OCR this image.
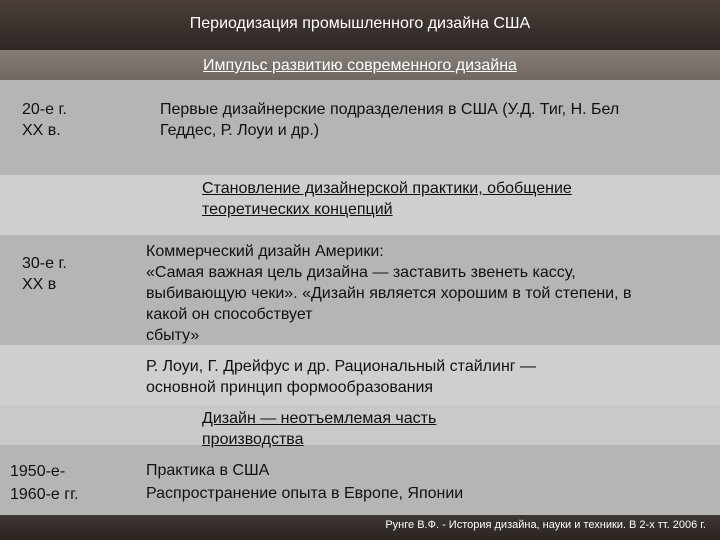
Периодизация промышленного дизайна США
Импульс развитию современного дизайна
20-е г.
XX в.
Первые дизайнерские подразделения в США (У.Д. Тиг, Н. Бел
Геддес, Р. Лоуи и др.)
Становление дизайнерской практики, обобщение
теоретических концепций
30-е г.
XX в
Коммерческий дизайн Америки:
«Самая важная цель дизайна — заставить звенеть кассу,
выбивающую чеки». «Дизайн является хорошим в той степени, в
какой он способствует
сбыту»
Р. Лоуи, Г. Дрейфус и др. Рациональный стайлинг —
основной принцип формообразования
Дизайн — неотъемлемая часть
производства
1950-е-
1960-е гг.
Практика в США
Распространение опыта в Европе, Японии
Рунге В.Ф. - История дизайна, науки и техники. В 2-х тт. 2006 г.
